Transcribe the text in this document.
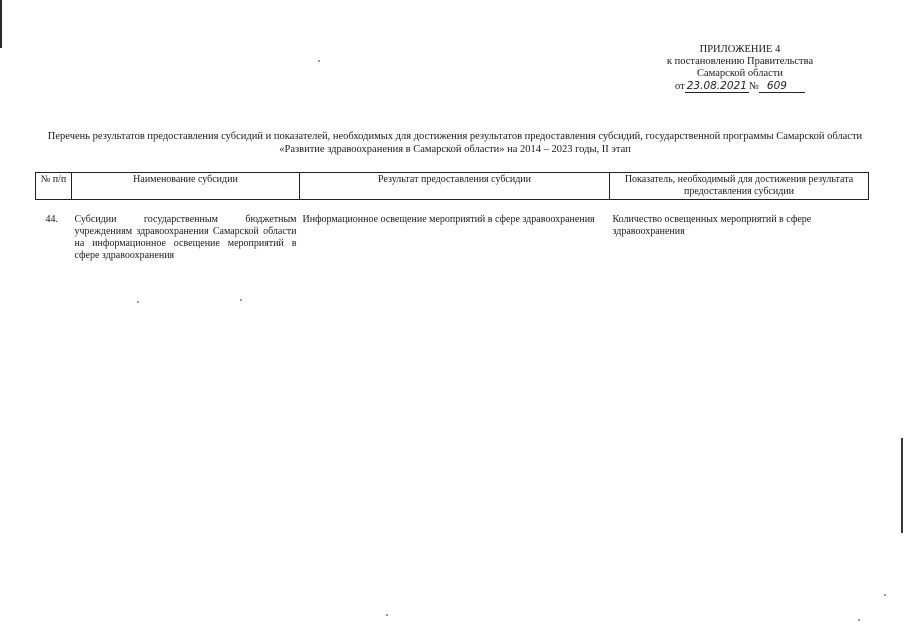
ПРИЛОЖЕНИЕ 4
к постановлению Правительства
Самарской области
от 23.08.2021 № 609
Перечень результатов предоставления субсидий и показателей, необходимых для достижения результатов предоставления субсидий, государственной программы Самарской области «Развитие здравоохранения в Самарской области» на 2014 – 2023 годы, II этап
№ п/п	Наименование субсидии	Результат предоставления субсидии	Показатель, необходимый для достижения результата предоставления субсидии
44.	Субсидии государственным бюджетным учреждениям здравоохранения Самарской области на информационное освещение мероприятий в сфере здравоохранения	Информационное освещение мероприятий в сфере здравоохранения	Количество освещенных мероприятий в сфере здравоохранения
